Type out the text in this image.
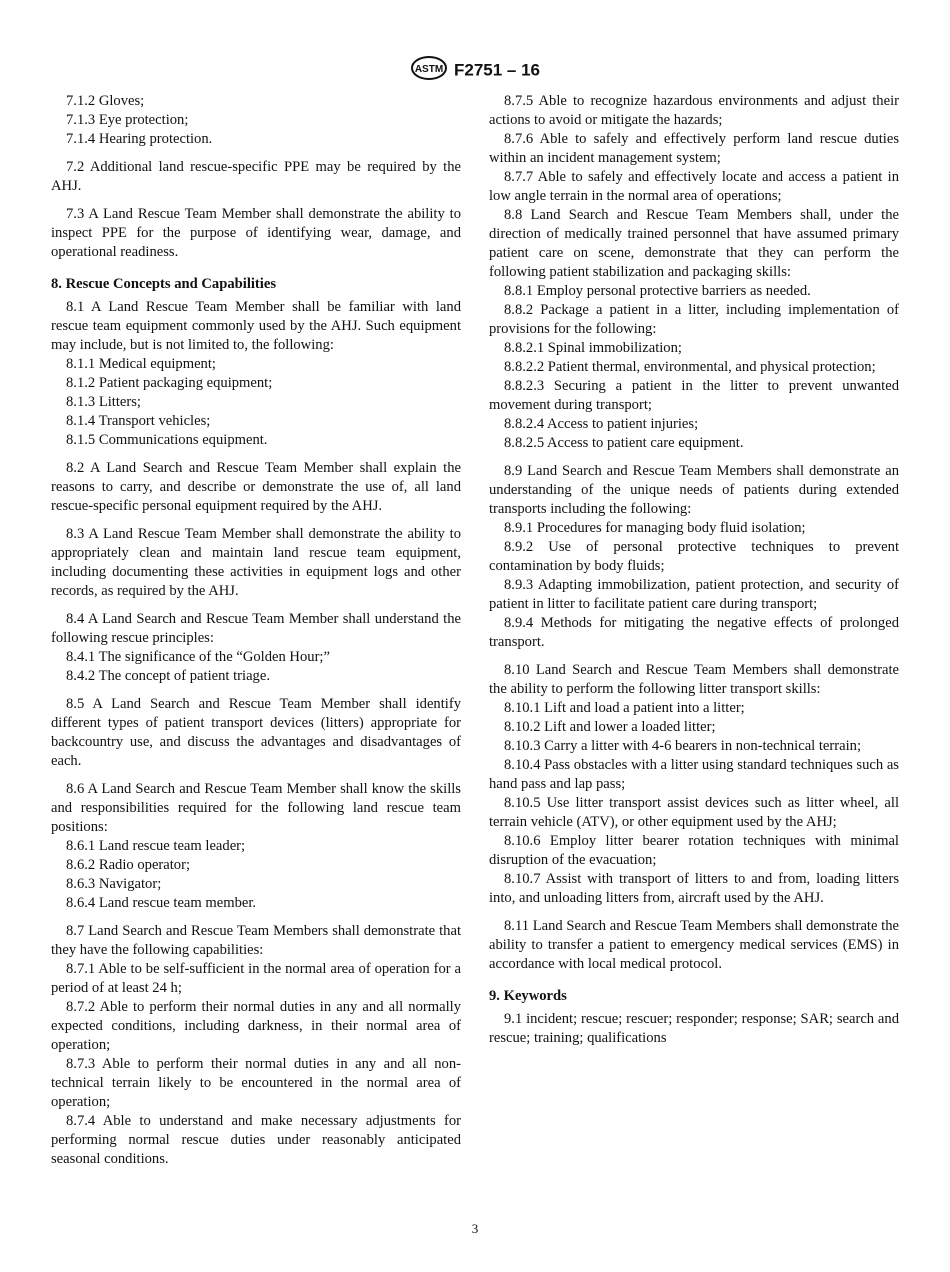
ASTM F2751 – 16

7.1.2 Gloves;

7.1.3 Eye protection;

7.1.4 Hearing protection.

7.2 Additional land rescue-specific PPE may be required by the AHJ.

7.3 A Land Rescue Team Member shall demonstrate the ability to inspect PPE for the purpose of identifying wear, damage, and operational readiness.

8. Rescue Concepts and Capabilities

8.1 A Land Rescue Team Member shall be familiar with land rescue team equipment commonly used by the AHJ. Such equipment may include, but is not limited to, the following:

8.1.1 Medical equipment;

8.1.2 Patient packaging equipment;

8.1.3 Litters;

8.1.4 Transport vehicles;

8.1.5 Communications equipment.

8.2 A Land Search and Rescue Team Member shall explain the reasons to carry, and describe or demonstrate the use of, all land rescue-specific personal equipment required by the AHJ.

8.3 A Land Rescue Team Member shall demonstrate the ability to appropriately clean and maintain land rescue team equipment, including documenting these activities in equipment logs and other records, as required by the AHJ.

8.4 A Land Search and Rescue Team Member shall understand the following rescue principles:

8.4.1 The significance of the “Golden Hour;”

8.4.2 The concept of patient triage.

8.5 A Land Search and Rescue Team Member shall identify different types of patient transport devices (litters) appropriate for backcountry use, and discuss the advantages and disadvantages of each.

8.6 A Land Search and Rescue Team Member shall know the skills and responsibilities required for the following land rescue team positions:

8.6.1 Land rescue team leader;

8.6.2 Radio operator;

8.6.3 Navigator;

8.6.4 Land rescue team member.

8.7 Land Search and Rescue Team Members shall demonstrate that they have the following capabilities:

8.7.1 Able to be self-sufficient in the normal area of operation for a period of at least 24 h;

8.7.2 Able to perform their normal duties in any and all normally expected conditions, including darkness, in their normal area of operation;

8.7.3 Able to perform their normal duties in any and all non-technical terrain likely to be encountered in the normal area of operation;

8.7.4 Able to understand and make necessary adjustments for performing normal rescue duties under reasonably anticipated seasonal conditions.

8.7.5 Able to recognize hazardous environments and adjust their actions to avoid or mitigate the hazards;

8.7.6 Able to safely and effectively perform land rescue duties within an incident management system;

8.7.7 Able to safely and effectively locate and access a patient in low angle terrain in the normal area of operations;

8.8 Land Search and Rescue Team Members shall, under the direction of medically trained personnel that have assumed primary patient care on scene, demonstrate that they can perform the following patient stabilization and packaging skills:

8.8.1 Employ personal protective barriers as needed.

8.8.2 Package a patient in a litter, including implementation of provisions for the following:

8.8.2.1 Spinal immobilization;

8.8.2.2 Patient thermal, environmental, and physical protection;

8.8.2.3 Securing a patient in the litter to prevent unwanted movement during transport;

8.8.2.4 Access to patient injuries;

8.8.2.5 Access to patient care equipment.

8.9 Land Search and Rescue Team Members shall demonstrate an understanding of the unique needs of patients during extended transports including the following:

8.9.1 Procedures for managing body fluid isolation;

8.9.2 Use of personal protective techniques to prevent contamination by body fluids;

8.9.3 Adapting immobilization, patient protection, and security of patient in litter to facilitate patient care during transport;

8.9.4 Methods for mitigating the negative effects of prolonged transport.

8.10 Land Search and Rescue Team Members shall demonstrate the ability to perform the following litter transport skills:

8.10.1 Lift and load a patient into a litter;

8.10.2 Lift and lower a loaded litter;

8.10.3 Carry a litter with 4-6 bearers in non-technical terrain;

8.10.4 Pass obstacles with a litter using standard techniques such as hand pass and lap pass;

8.10.5 Use litter transport assist devices such as litter wheel, all terrain vehicle (ATV), or other equipment used by the AHJ;

8.10.6 Employ litter bearer rotation techniques with minimal disruption of the evacuation;

8.10.7 Assist with transport of litters to and from, loading litters into, and unloading litters from, aircraft used by the AHJ.

8.11 Land Search and Rescue Team Members shall demonstrate the ability to transfer a patient to emergency medical services (EMS) in accordance with local medical protocol.

9. Keywords

9.1 incident; rescue; rescuer; responder; response; SAR; search and rescue; training; qualifications

3
